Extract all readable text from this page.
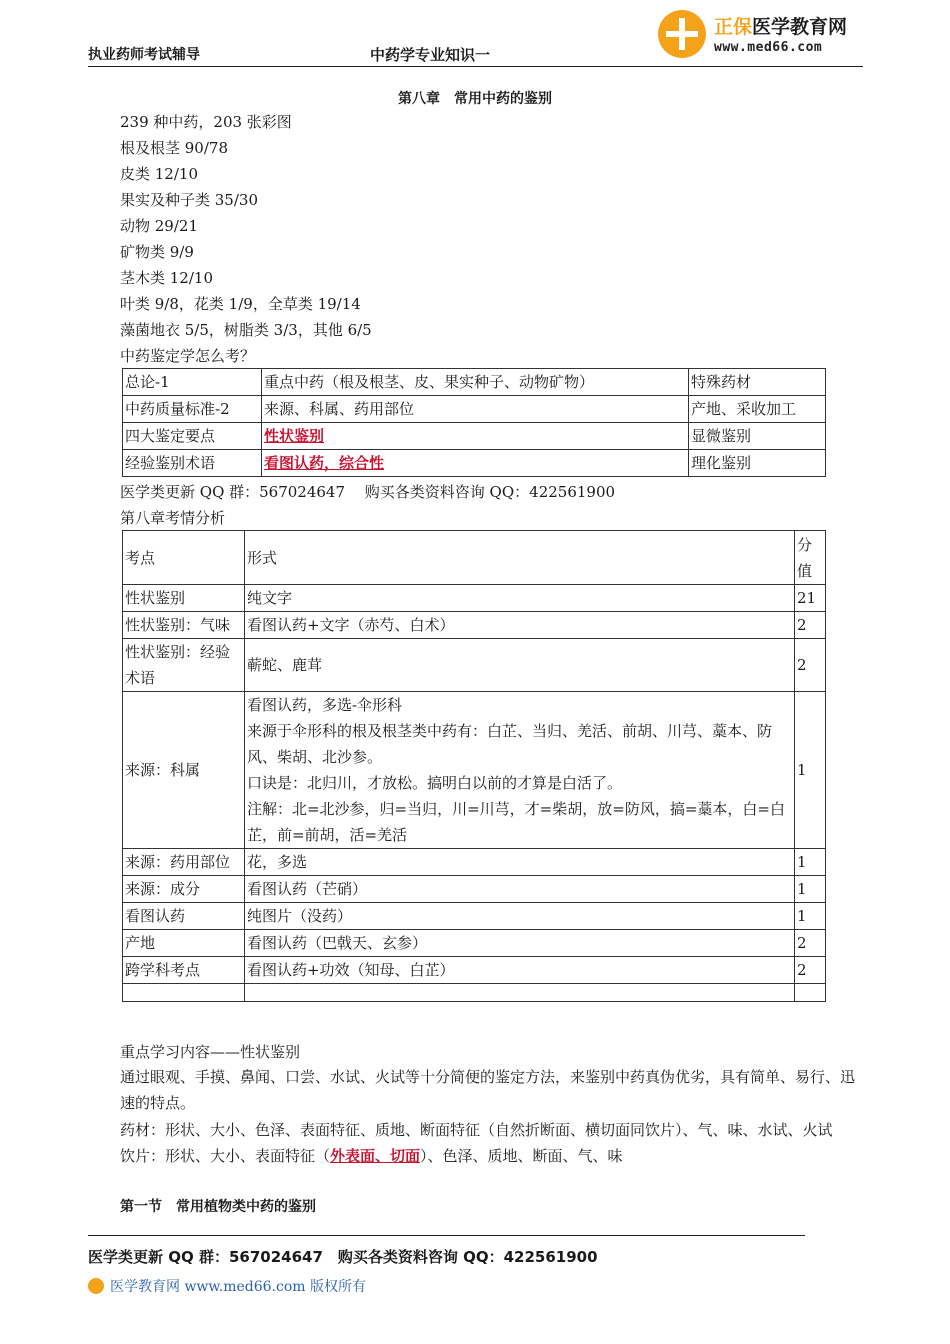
执业药师考试辅导	中药学专业知识一
正保医学教育网
www.med66.com
第八章　常用中药的鉴别
239 种中药，203 张彩图
根及根茎 90/78
皮类 12/10
果实及种子类 35/30
动物 29/21
矿物类 9/9
茎木类 12/10
叶类 9/8，花类 1/9，全草类 19/14
藻菌地衣 5/5，树脂类 3/3，其他 6/5
中药鉴定学怎么考？
总论-1	重点中药（根及根茎、皮、果实种子、动物矿物）	特殊药材
中药质量标准-2	来源、科属、药用部位	产地、采收加工
四大鉴定要点	性状鉴别	显微鉴别
经验鉴别术语	看图认药，综合性	理化鉴别
医学类更新 QQ 群：567024647　 购买各类资料咨询 QQ：422561900
第八章考情分析
考点	形式	分值
性状鉴别	纯文字	21
性状鉴别：气味	看图认药+文字（赤芍、白术）	2
性状鉴别：经验术语	蕲蛇、鹿茸	2
来源：科属	看图认药，多选-伞形科
来源于伞形科的根及根茎类中药有：白芷、当归、羌活、前胡、川芎、藁本、防风、柴胡、北沙参。
口诀是：北归川，才放松。搞明白以前的才算是白活了。
注解：北=北沙参，归=当归，川=川芎，才=柴胡，放=防风，搞=藁本，白=白芷，前=前胡，活=羌活	1
来源：药用部位	花，多选	1
来源：成分	看图认药（芒硝）	1
看图认药	纯图片（没药）	1
产地	看图认药（巴戟天、玄参）	2
跨学科考点	看图认药+功效（知母、白芷）	2

重点学习内容——性状鉴别
通过眼观、手摸、鼻闻、口尝、水试、火试等十分简便的鉴定方法，来鉴别中药真伪优劣，具有简单、易行、迅速的特点。
药材：形状、大小、色泽、表面特征、质地、断面特征（自然折断面、横切面同饮片）、气、味、水试、火试
饮片：形状、大小、表面特征（外表面、切面）、色泽、质地、断面、气、味
第一节　常用植物类中药的鉴别
医学类更新 QQ 群：567024647　购买各类资料咨询 QQ：422561900
医学教育网 www.med66.com 版权所有
